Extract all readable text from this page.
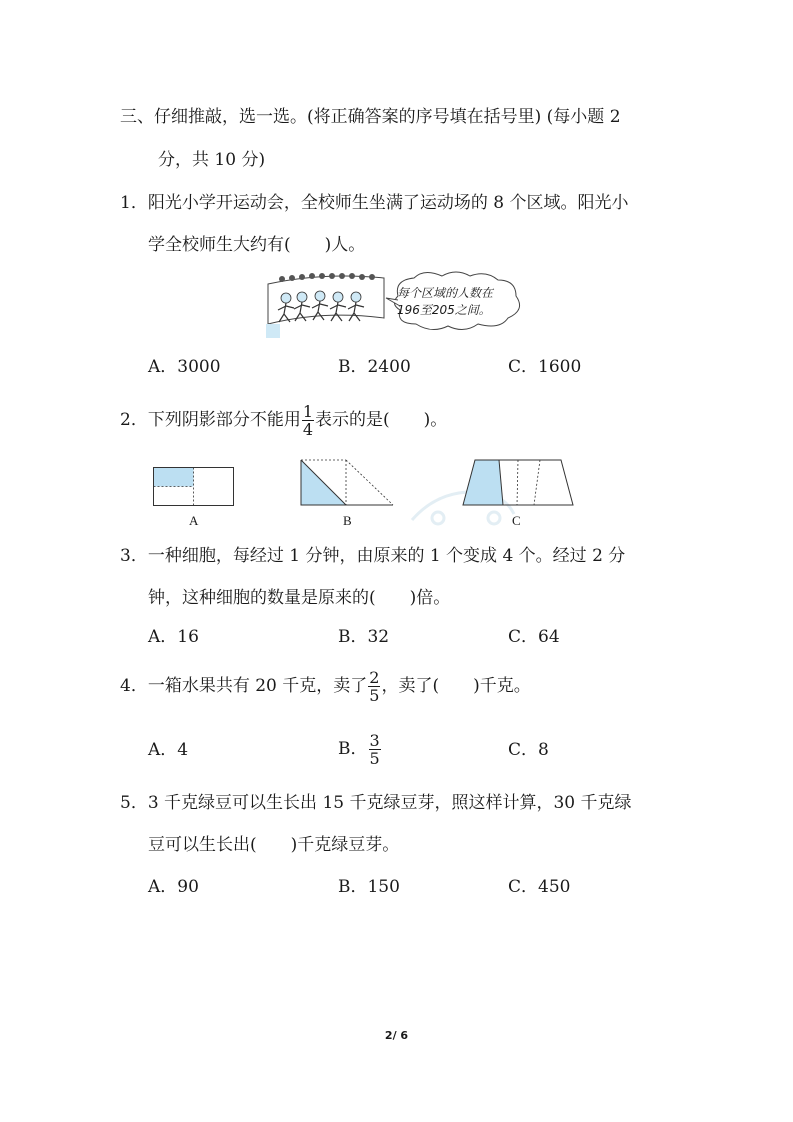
三、仔细推敲，选一选。(将正确答案的序号填在括号里) (每小题 2
分，共 10 分)
1．阳光小学开运动会，全校师生坐满了运动场的 8 个区域。阳光小
学全校师生大约有(　　)人。
每个区域的人数在
196至205之间。
A．3000	B．2400	C．1600
2．下列阴影部分不能用 $\frac{1}{4}$ 表示的是(　　)。
A	B	C
3．一种细胞，每经过 1 分钟，由原来的 1 个变成 4 个。经过 2 分
钟，这种细胞的数量是原来的(　　)倍。
A．16	B．32	C．64
4．一箱水果共有 20 千克，卖了 $\frac{2}{5}$ ，卖了(　　)千克。
A．4	B． $\frac{3}{5}$	C．8
5．3 千克绿豆可以生长出 15 千克绿豆芽，照这样计算，30 千克绿
豆可以生长出(　　)千克绿豆芽。
A．90	B．150	C．450
2/ 6
